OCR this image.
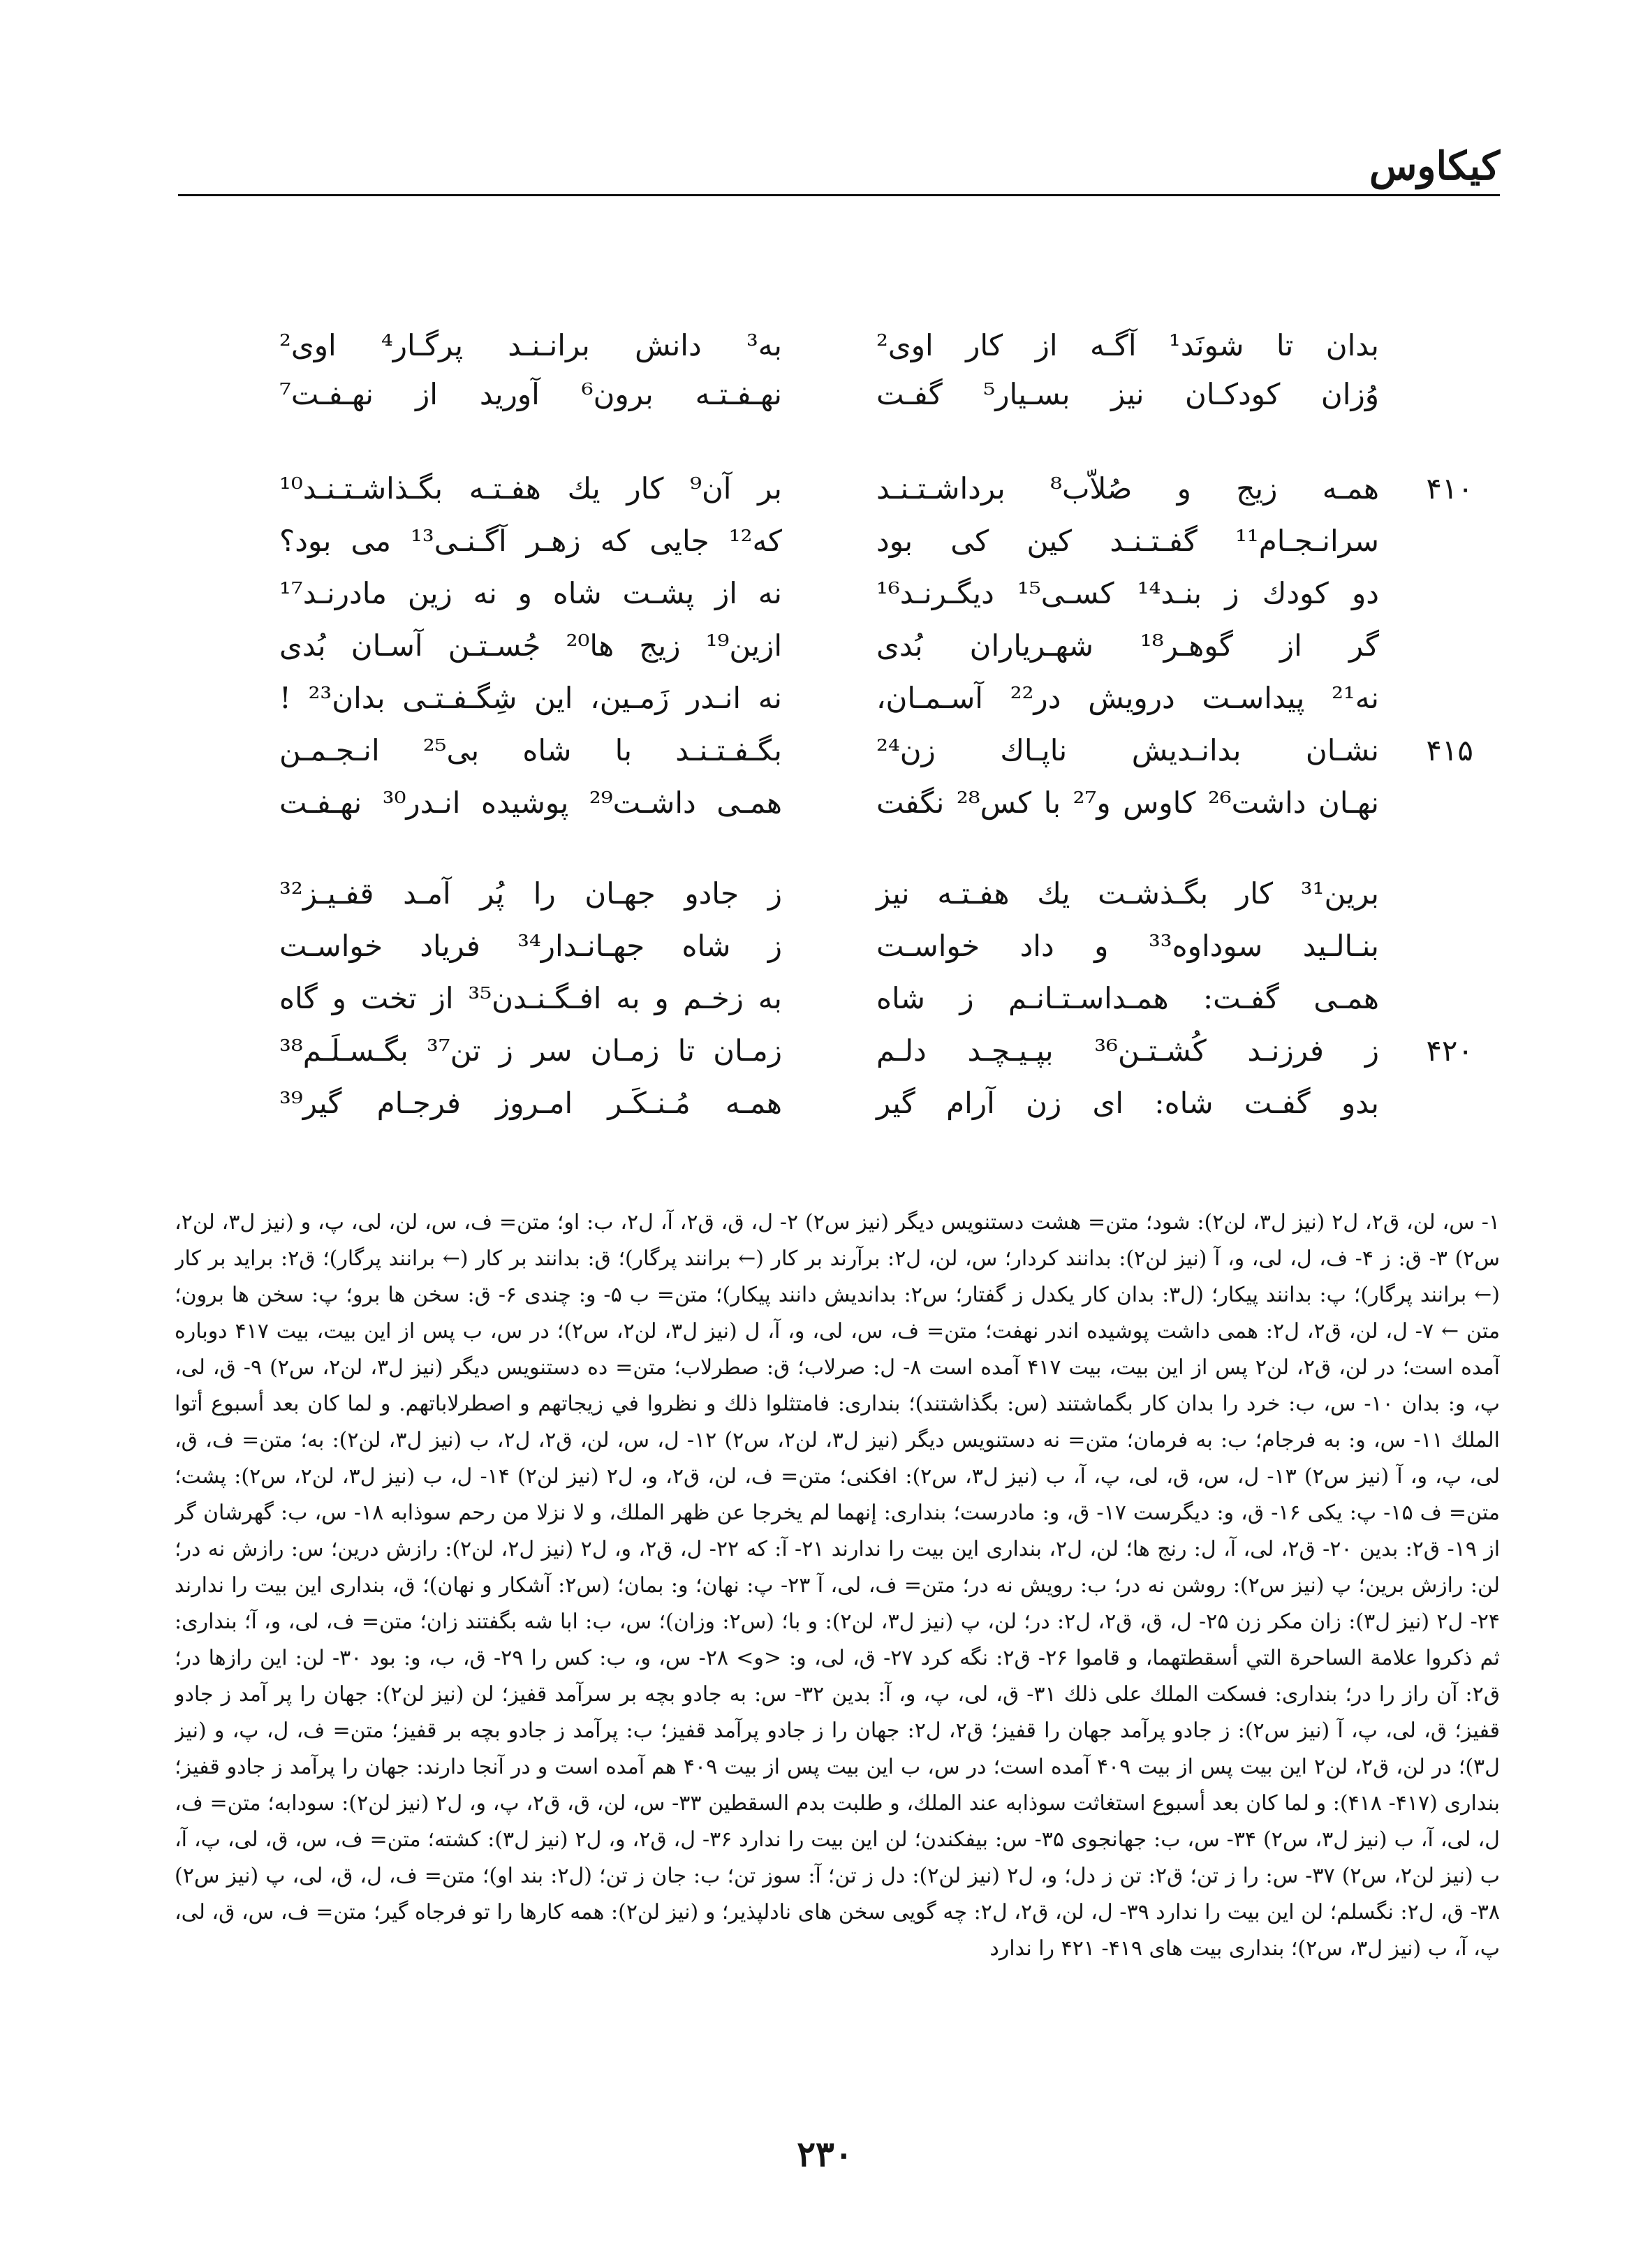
کیکاوس
بدان تا شونَد¹ آگـه از کار اوی²
به³ دانش برانـنـد پرگـار⁴ اوی²
وُزان کودکـان نیز بسـیار⁵ گفـت
نهـفـتـه برون⁶ آورید از نهـفـت⁷
۴۱۰
همـه زیج و صُلاّب⁸ برداشـتـنـد
بر آن⁹ کار یك هفـتـه بگـذاشـتـنـد¹⁰
سرانـجـام¹¹ گفـتـنـد کین کی بود
که¹² جایی که زهـر آگـنـی¹³ می بود؟
دو کودك ز بنـد¹⁴ کسـی¹⁵ دیگـرنـد¹⁶
نه از پشـت شاه و نه زین مادرنـد¹⁷
گر از گوهـر¹⁸ شهـریاران بُدی
ازین¹⁹ زیج ها²⁰ جُسـتـن آسـان بُدی
نه²¹ پیداسـت درویش در²² آسـمـان،
نه انـدر زَمـین، این شِگـفـتـی بدان²³ !
۴۱۵
نشـان بدانـدیش ناپـاك زن²⁴
بگـفـتـنـد با شاه بی²⁵ انـجـمـن
نهـان داشت²⁶ کاوس و²⁷ با کس²⁸ نگفت
همـی داشـت²⁹ پوشیده انـدر³⁰ نهـفـت
برین³¹ کار بگـذشـت یك هفـتـه نیز
ز جادو جهـان را پُر آمـد قفـیـز³²
بنـالـید سوداوه³³ و داد خواسـت
ز شاه جهـانـدار³⁴ فریاد خواسـت
همـی گفـت: همـداسـتـانـم ز شاه
به زخـم و به افـگـنـدن³⁵ از تخت و گاه
۴۲۰
ز فرزنـد کُشـتـن³⁶ بپـیـچـد دلـم
زمـان تا زمـان سر ز تن³⁷ بگـسـلَـم³⁸
بدو گفـت شاه: ای زن آرام گیر
همـه مُـنـکَـر امـروز فرجـام گیر³⁹

۱- س، لن، ق۲، ل۲ (نیز ل۳، لن۲): شود؛ متن= هشت دستنویس دیگر (نیز س۲) ۲- ل، ق، ق۲، آ، ل۲، ب: او؛ متن= ف، س، لن، لی، پ، و (نیز ل۳، لن۲، س۲) ۳- ق: ز ۴- ف، ل، لی، و، آ (نیز لن۲): بدانند کردار؛ س، لن، ل۲: برآرند بر کار (← برانند پرگار)؛ ق: بدانند بر کار (← برانند پرگار)؛ ق۲: براید بر کار (← برانند پرگار)؛ پ: بدانند پیکار؛ (ل۳: بدان کار یکدل ز گفتار؛ س۲: بداندیش دانند پیکار)؛ متن= ب ۵- و: چندی ۶- ق: سخن ها برو؛ پ: سخن ها برون؛ متن ← ۷- ل، لن، ق۲، ل۲: همی داشت پوشیده اندر نهفت؛ متن= ف، س، لی، و، آ، ل (نیز ل۳، لن۲، س۲)؛ در س، ب پس از این بیت، بیت ۴۱۷ دوباره آمده است؛ در لن، ق۲، لن۲ پس از این بیت، بیت ۴۱۷ آمده است ۸- ل: صرلاب؛ ق: صطرلاب؛ متن= ده دستنویس دیگر (نیز ل۳، لن۲، س۲) ۹- ق، لی، پ، و: بدان ۱۰- س، ب: خرد را بدان کار بگماشتند (س: بگذاشتند)؛ بنداری: فامتثلوا ذلك و نظروا في زيجاتهم و اصطرلاباتهم. و لما كان بعد أسبوع أتوا الملك ۱۱- س، و: به فرجام؛ ب: به فرمان؛ متن= نه دستنویس دیگر (نیز ل۳، لن۲، س۲) ۱۲- ل، س، لن، ق۲، ل۲، ب (نیز ل۳، لن۲): به؛ متن= ف، ق، لی، پ، و، آ (نیز س۲) ۱۳- ل، س، ق، لی، پ، آ، ب (نیز ل۳، س۲): افکنی؛ متن= ف، لن، ق۲، و، ل۲ (نیز لن۲) ۱۴- ل، ب (نیز ل۳، لن۲، س۲): پشت؛ متن= ف ۱۵- پ: یکی ۱۶- ق، و: دیگرست ۱۷- ق، و: مادرست؛ بنداری: إنهما لم يخرجا عن ظهر الملك، و لا نزلا من رحم سوذابه ۱۸- س، ب: گهرشان گر از ۱۹- ق۲: بدین ۲۰- ق۲، لی، آ، ل: رنج ها؛ لن، ل۲، بنداری این بیت را ندارند ۲۱- آ: که ۲۲- ل، ق۲، و، ل۲ (نیز ل۲، لن۲): رازش درین؛ س: رازش نه در؛ لن: رازش برین؛ پ (نیز س۲): روشن نه در؛ ب: رویش نه در؛ متن= ف، لی، آ ۲۳- پ: نهان؛ و: بمان؛ (س۲: آشکار و نهان)؛ ق، بنداری این بیت را ندارند ۲۴- ل۲ (نیز ل۳): زان مکر زن ۲۵- ل، ق، ق۲، ل۲: در؛ لن، پ (نیز ل۳، لن۲): و با؛ (س۲: وزان)؛ س، ب: ابا شه بگفتند زان؛ متن= ف، لی، و، آ؛ بنداری: ثم ذكروا علامة الساحرة التي أسقطتهما، و قاموا ۲۶- ق۲: نگه کرد ۲۷- ق، لی، و: <و> ۲۸- س، و، ب: کس را ۲۹- ق، ب، و: بود ۳۰- لن: این رازها در؛ ق۲: آن راز را در؛ بنداری: فسكت الملك على ذلك ۳۱- ق، لی، پ، و، آ: بدین ۳۲- س: به جادو بچه بر سرآمد قفیز؛ لن (نیز لن۲): جهان را پر آمد ز جادو قفیز؛ ق، لی، پ، آ (نیز س۲): ز جادو پرآمد جهان را قفیز؛ ق۲، ل۲: جهان را ز جادو پرآمد قفیز؛ ب: پرآمد ز جادو بچه بر قفیز؛ متن= ف، ل، پ، و (نیز ل۳)؛ در لن، ق۲، لن۲ این بیت پس از بیت ۴۰۹ آمده است؛ در س، ب این بیت پس از بیت ۴۰۹ هم آمده است و در آنجا دارند: جهان را پرآمد ز جادو قفیز؛ بنداری (۴۱۷- ۴۱۸): و لما كان بعد أسبوع استغاثت سوذابه عند الملك، و طلبت بدم السقطين ۳۳- س، لن، ق، ق۲، پ، و، ل۲ (نیز لن۲): سودابه؛ متن= ف، ل، لی، آ، ب (نیز ل۳، س۲) ۳۴- س، ب: جهانجوی ۳۵- س: بیفکندن؛ لن این بیت را ندارد ۳۶- ل، ق۲، و، ل۲ (نیز ل۳): کشته؛ متن= ف، س، ق، لی، پ، آ، ب (نیز لن۲، س۲) ۳۷- س: را ز تن؛ ق۲: تن ز دل؛ و، ل۲ (نیز لن۲): دل ز تن؛ آ: سوز تن؛ ب: جان ز تن؛ (ل۲: بند او)؛ متن= ف، ل، ق، لی، پ (نیز س۲) ۳۸- ق، ل۲: نگسلم؛ لن این بیت را ندارد ۳۹- ل، لن، ق۲، ل۲: چه گویی سخن های نادلپذیر؛ و (نیز لن۲): همه کارها را تو فرجاه گیر؛ متن= ف، س، ق، لی، پ، آ، ب (نیز ل۳، س۲)؛ بنداری بیت های ۴۱۹- ۴۲۱ را ندارد

۲۳۰
